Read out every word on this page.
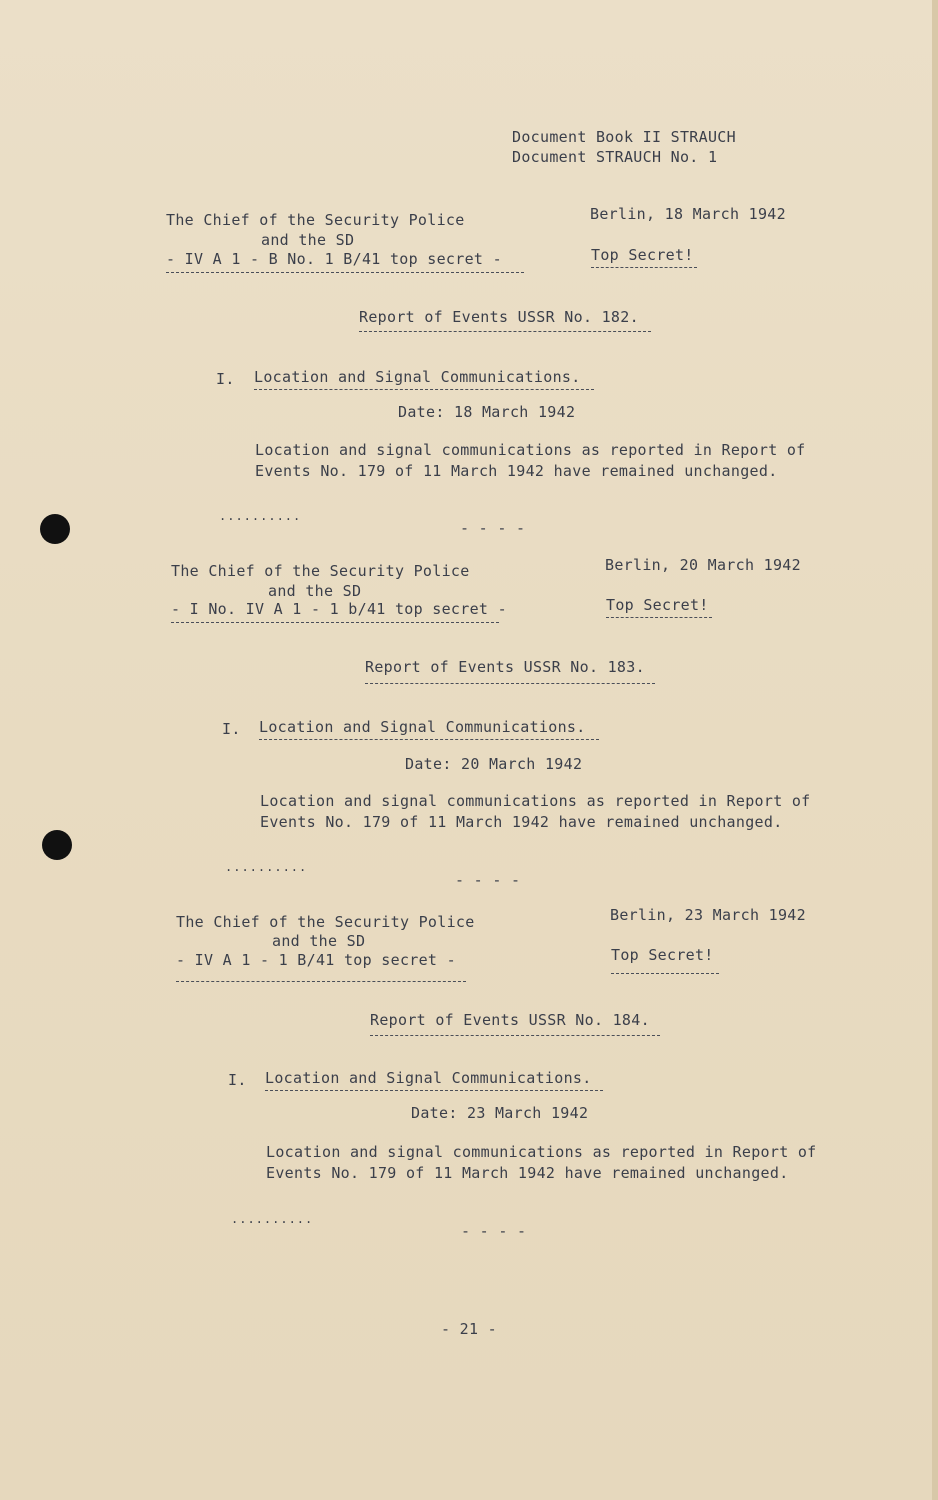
Document Book II STRAUCH
Document STRAUCH No. 1
The Chief of the Security Police
and the SD
- IV A 1 - B No. 1 B/41 top secret -
Berlin, 18 March 1942
Top Secret!
Report of Events USSR No. 182.
I. Location and Signal Communications.
Date: 18 March 1942
Location and signal communications as reported in Report of
Events No. 179 of 11 March 1942 have remained unchanged.
..........
- - - -
The Chief of the Security Police
and the SD
- I No. IV A 1 - 1 b/41 top secret -
Berlin, 20 March 1942
Top Secret!
Report of Events USSR No. 183.
I. Location and Signal Communications.
Date: 20 March 1942
Location and signal communications as reported in Report of
Events No. 179 of 11 March 1942 have remained unchanged.
..........
- - - -
The Chief of the Security Police
and the SD
- IV A 1 - 1 B/41 top secret -
Berlin, 23 March 1942
Top Secret!
Report of Events USSR No. 184.
I. Location and Signal Communications.
Date: 23 March 1942
Location and signal communications as reported in Report of
Events No. 179 of 11 March 1942 have remained unchanged.
..........
- - - -
- 21 -
